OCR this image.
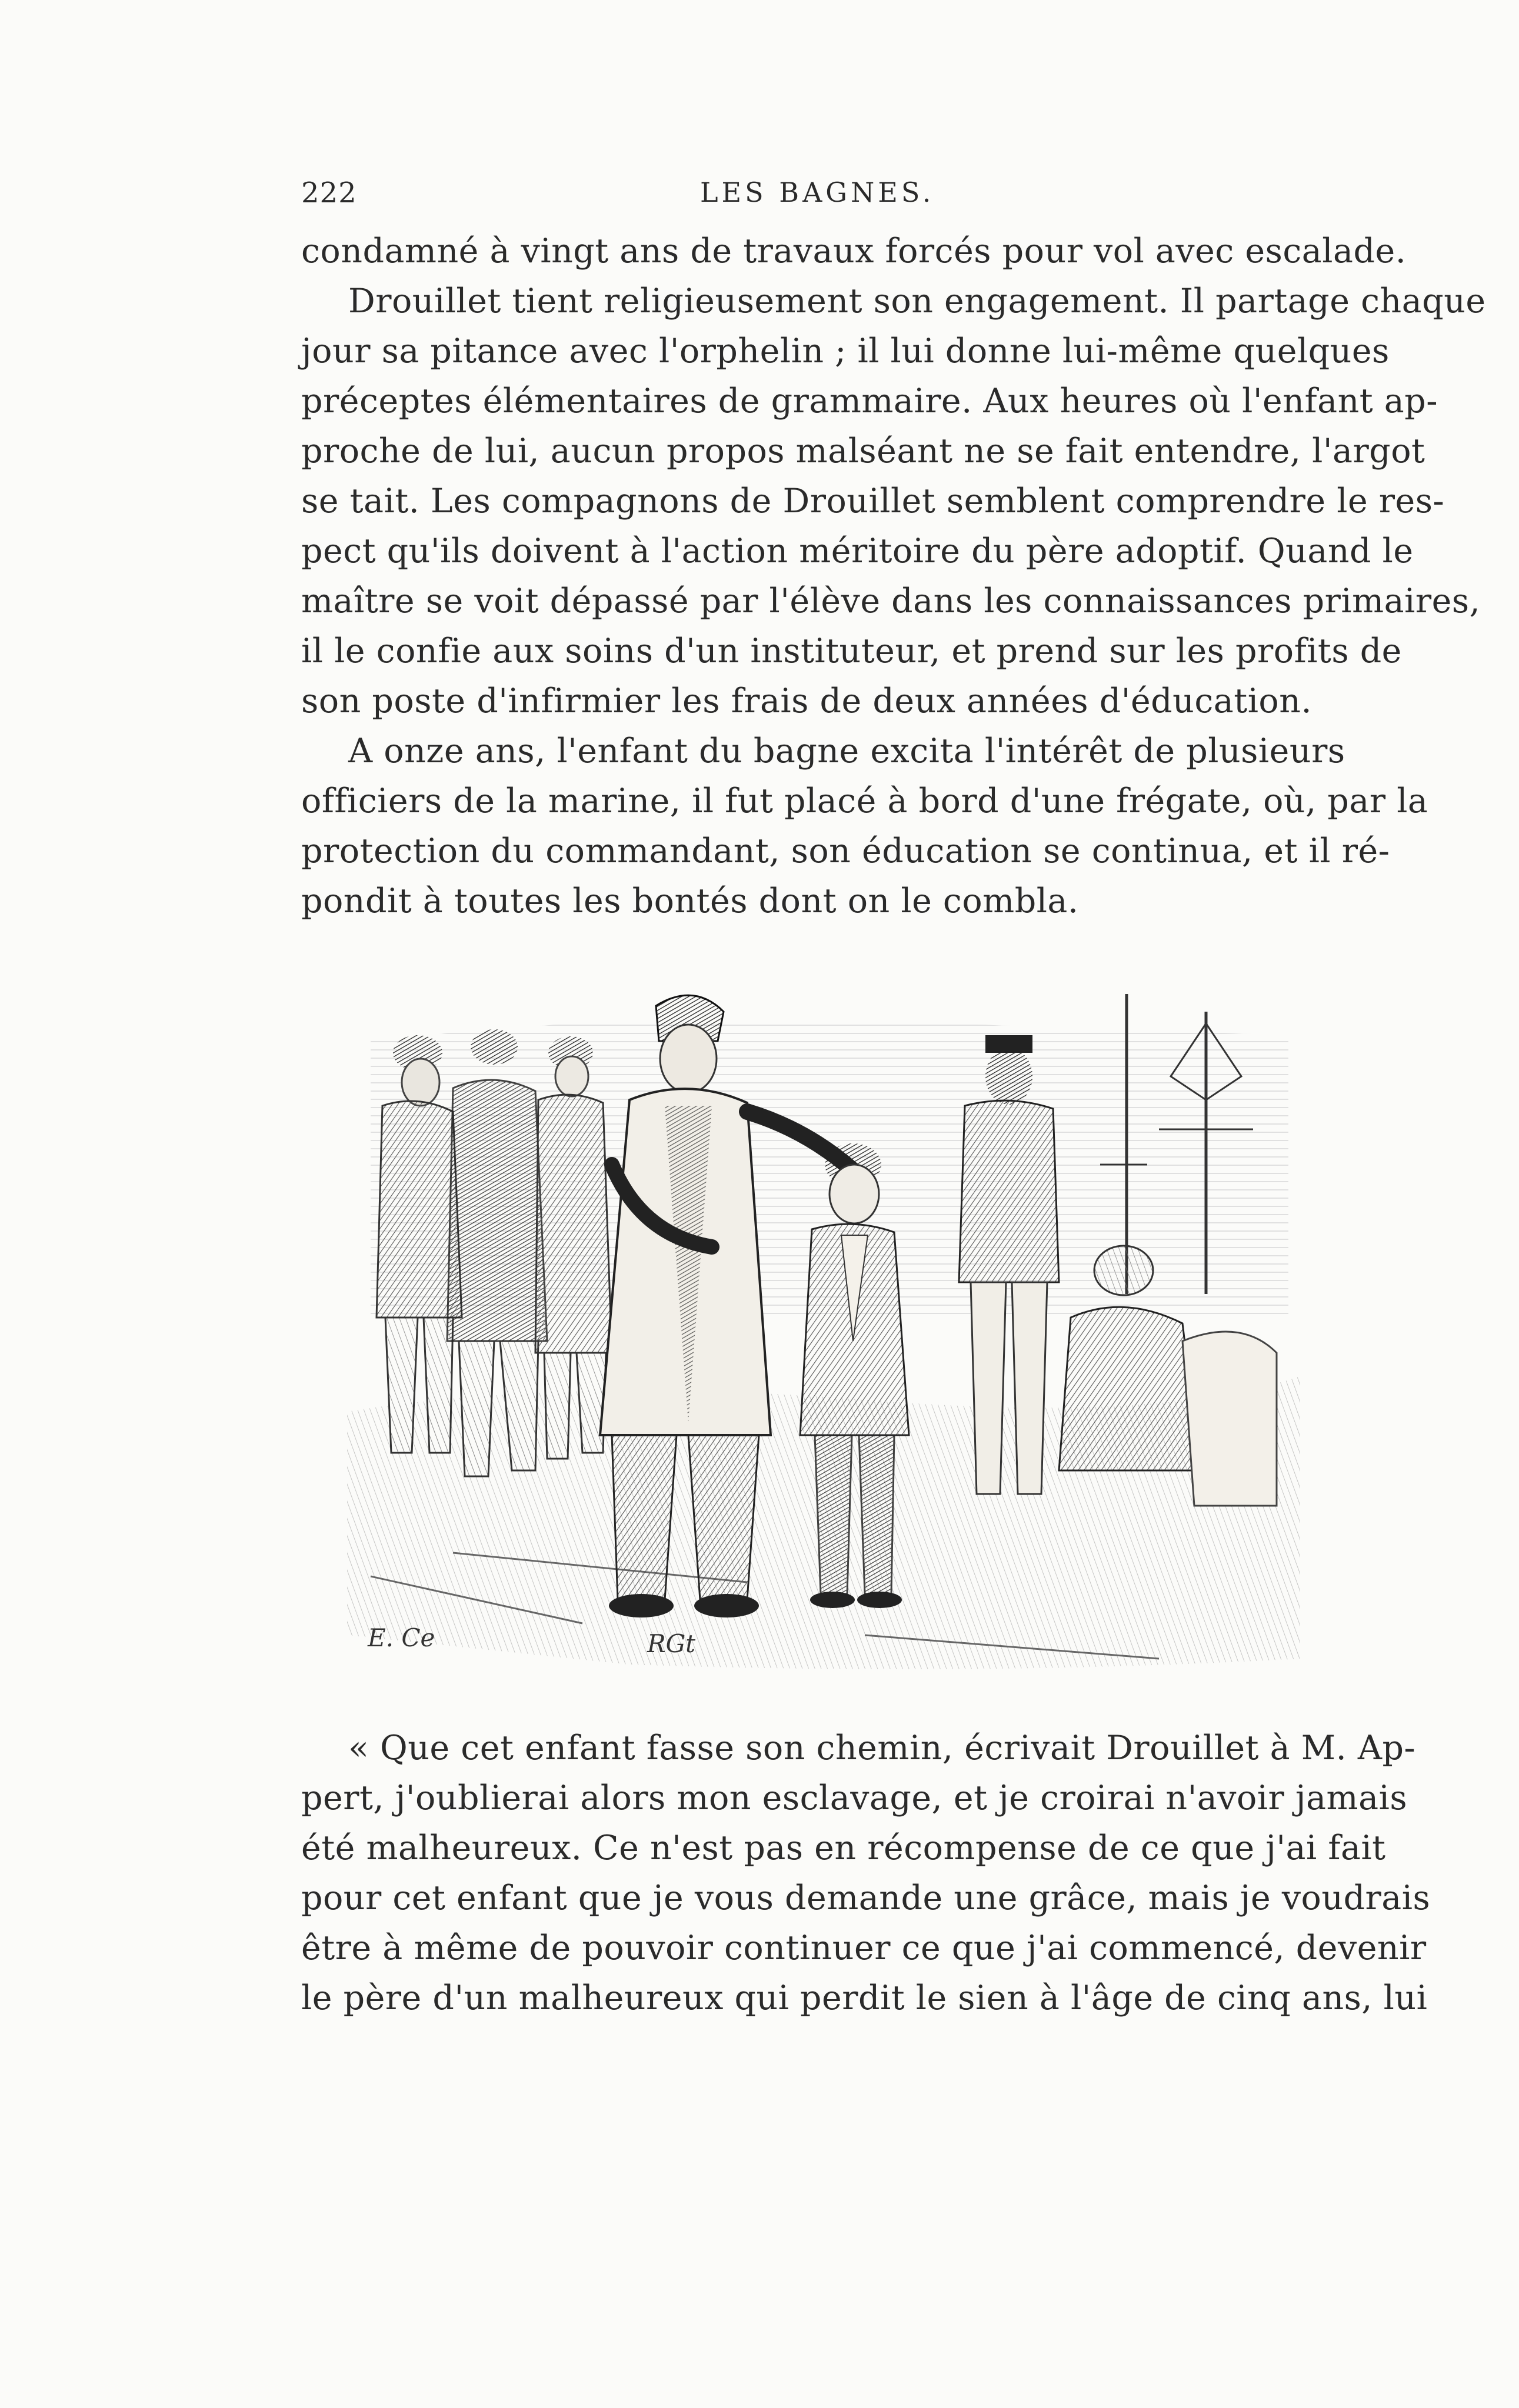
222	LES BAGNES.
condamné à vingt ans de travaux forcés pour vol avec escalade.
Drouillet tient religieusement son engagement. Il partage chaque
jour sa pitance avec l'orphelin ; il lui donne lui-même quelques
préceptes élémentaires de grammaire. Aux heures où l'enfant ap-
proche de lui, aucun propos malséant ne se fait entendre, l'argot
se tait. Les compagnons de Drouillet semblent comprendre le res-
pect qu'ils doivent à l'action méritoire du père adoptif. Quand le
maître se voit dépassé par l'élève dans les connaissances primaires,
il le confie aux soins d'un instituteur, et prend sur les profits de
son poste d'infirmier les frais de deux années d'éducation.
A onze ans, l'enfant du bagne excita l'intérêt de plusieurs
officiers de la marine, il fut placé à bord d'une frégate, où, par la
protection du commandant, son éducation se continua, et il ré-
pondit à toutes les bontés dont on le combla.
E. Ce	RGt
« Que cet enfant fasse son chemin, écrivait Drouillet à M. Ap-
pert, j'oublierai alors mon esclavage, et je croirai n'avoir jamais
été malheureux. Ce n'est pas en récompense de ce que j'ai fait
pour cet enfant que je vous demande une grâce, mais je voudrais
être à même de pouvoir continuer ce que j'ai commencé, devenir
le père d'un malheureux qui perdit le sien à l'âge de cinq ans, lui
